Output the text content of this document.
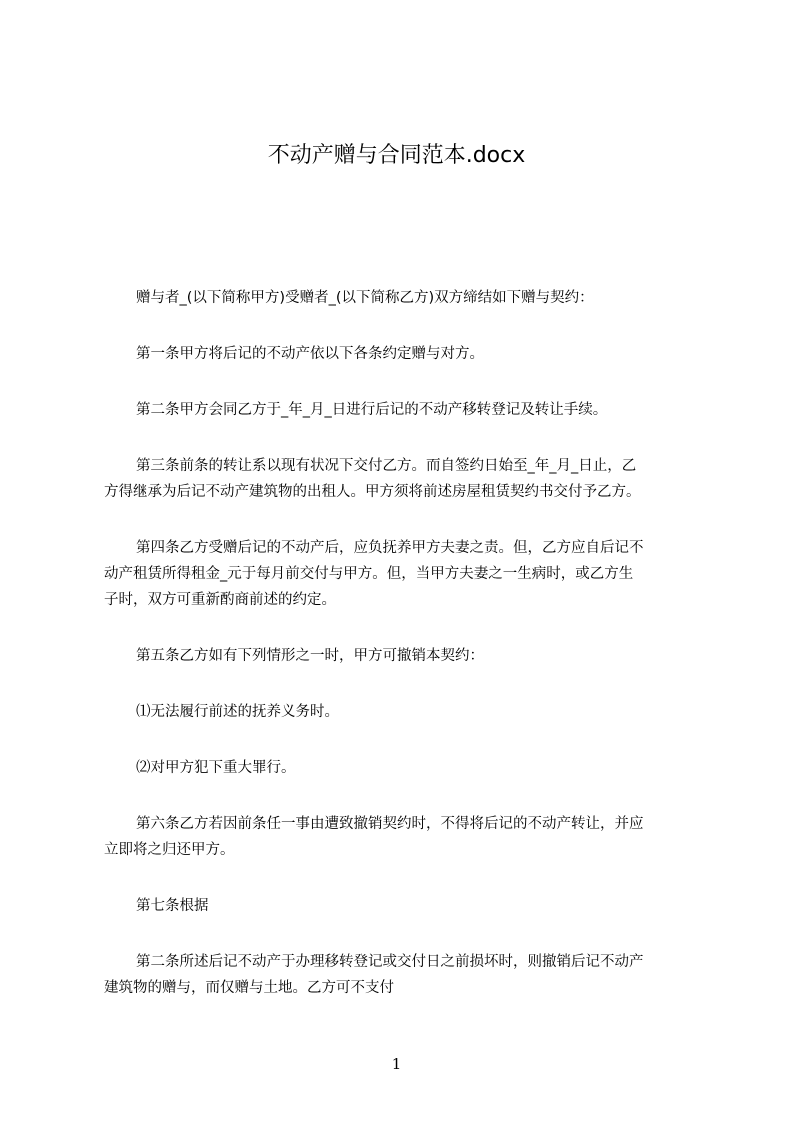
不动产赠与合同范本.docx
赠与者_(以下简称甲方)受赠者_(以下简称乙方)双方缔结如下赠与契约：
第一条甲方将后记的不动产依以下各条约定赠与对方。
第二条甲方会同乙方于_年_月_日进行后记的不动产移转登记及转让手续。
第三条前条的转让系以现有状况下交付乙方。而自签约日始至_年_月_日止，乙
方得继承为后记不动产建筑物的出租人。甲方须将前述房屋租赁契约书交付予乙方。
第四条乙方受赠后记的不动产后，应负抚养甲方夫妻之责。但，乙方应自后记不
动产租赁所得租金_元于每月前交付与甲方。但，当甲方夫妻之一生病时，或乙方生
子时，双方可重新酌商前述的约定。
第五条乙方如有下列情形之一时，甲方可撤销本契约：
⑴无法履行前述的抚养义务时。
⑵对甲方犯下重大罪行。
第六条乙方若因前条任一事由遭致撤销契约时，不得将后记的不动产转让，并应
立即将之归还甲方。
第七条根据
第二条所述后记不动产于办理移转登记或交付日之前损坏时，则撤销后记不动产
建筑物的赠与，而仅赠与土地。乙方可不支付
1
